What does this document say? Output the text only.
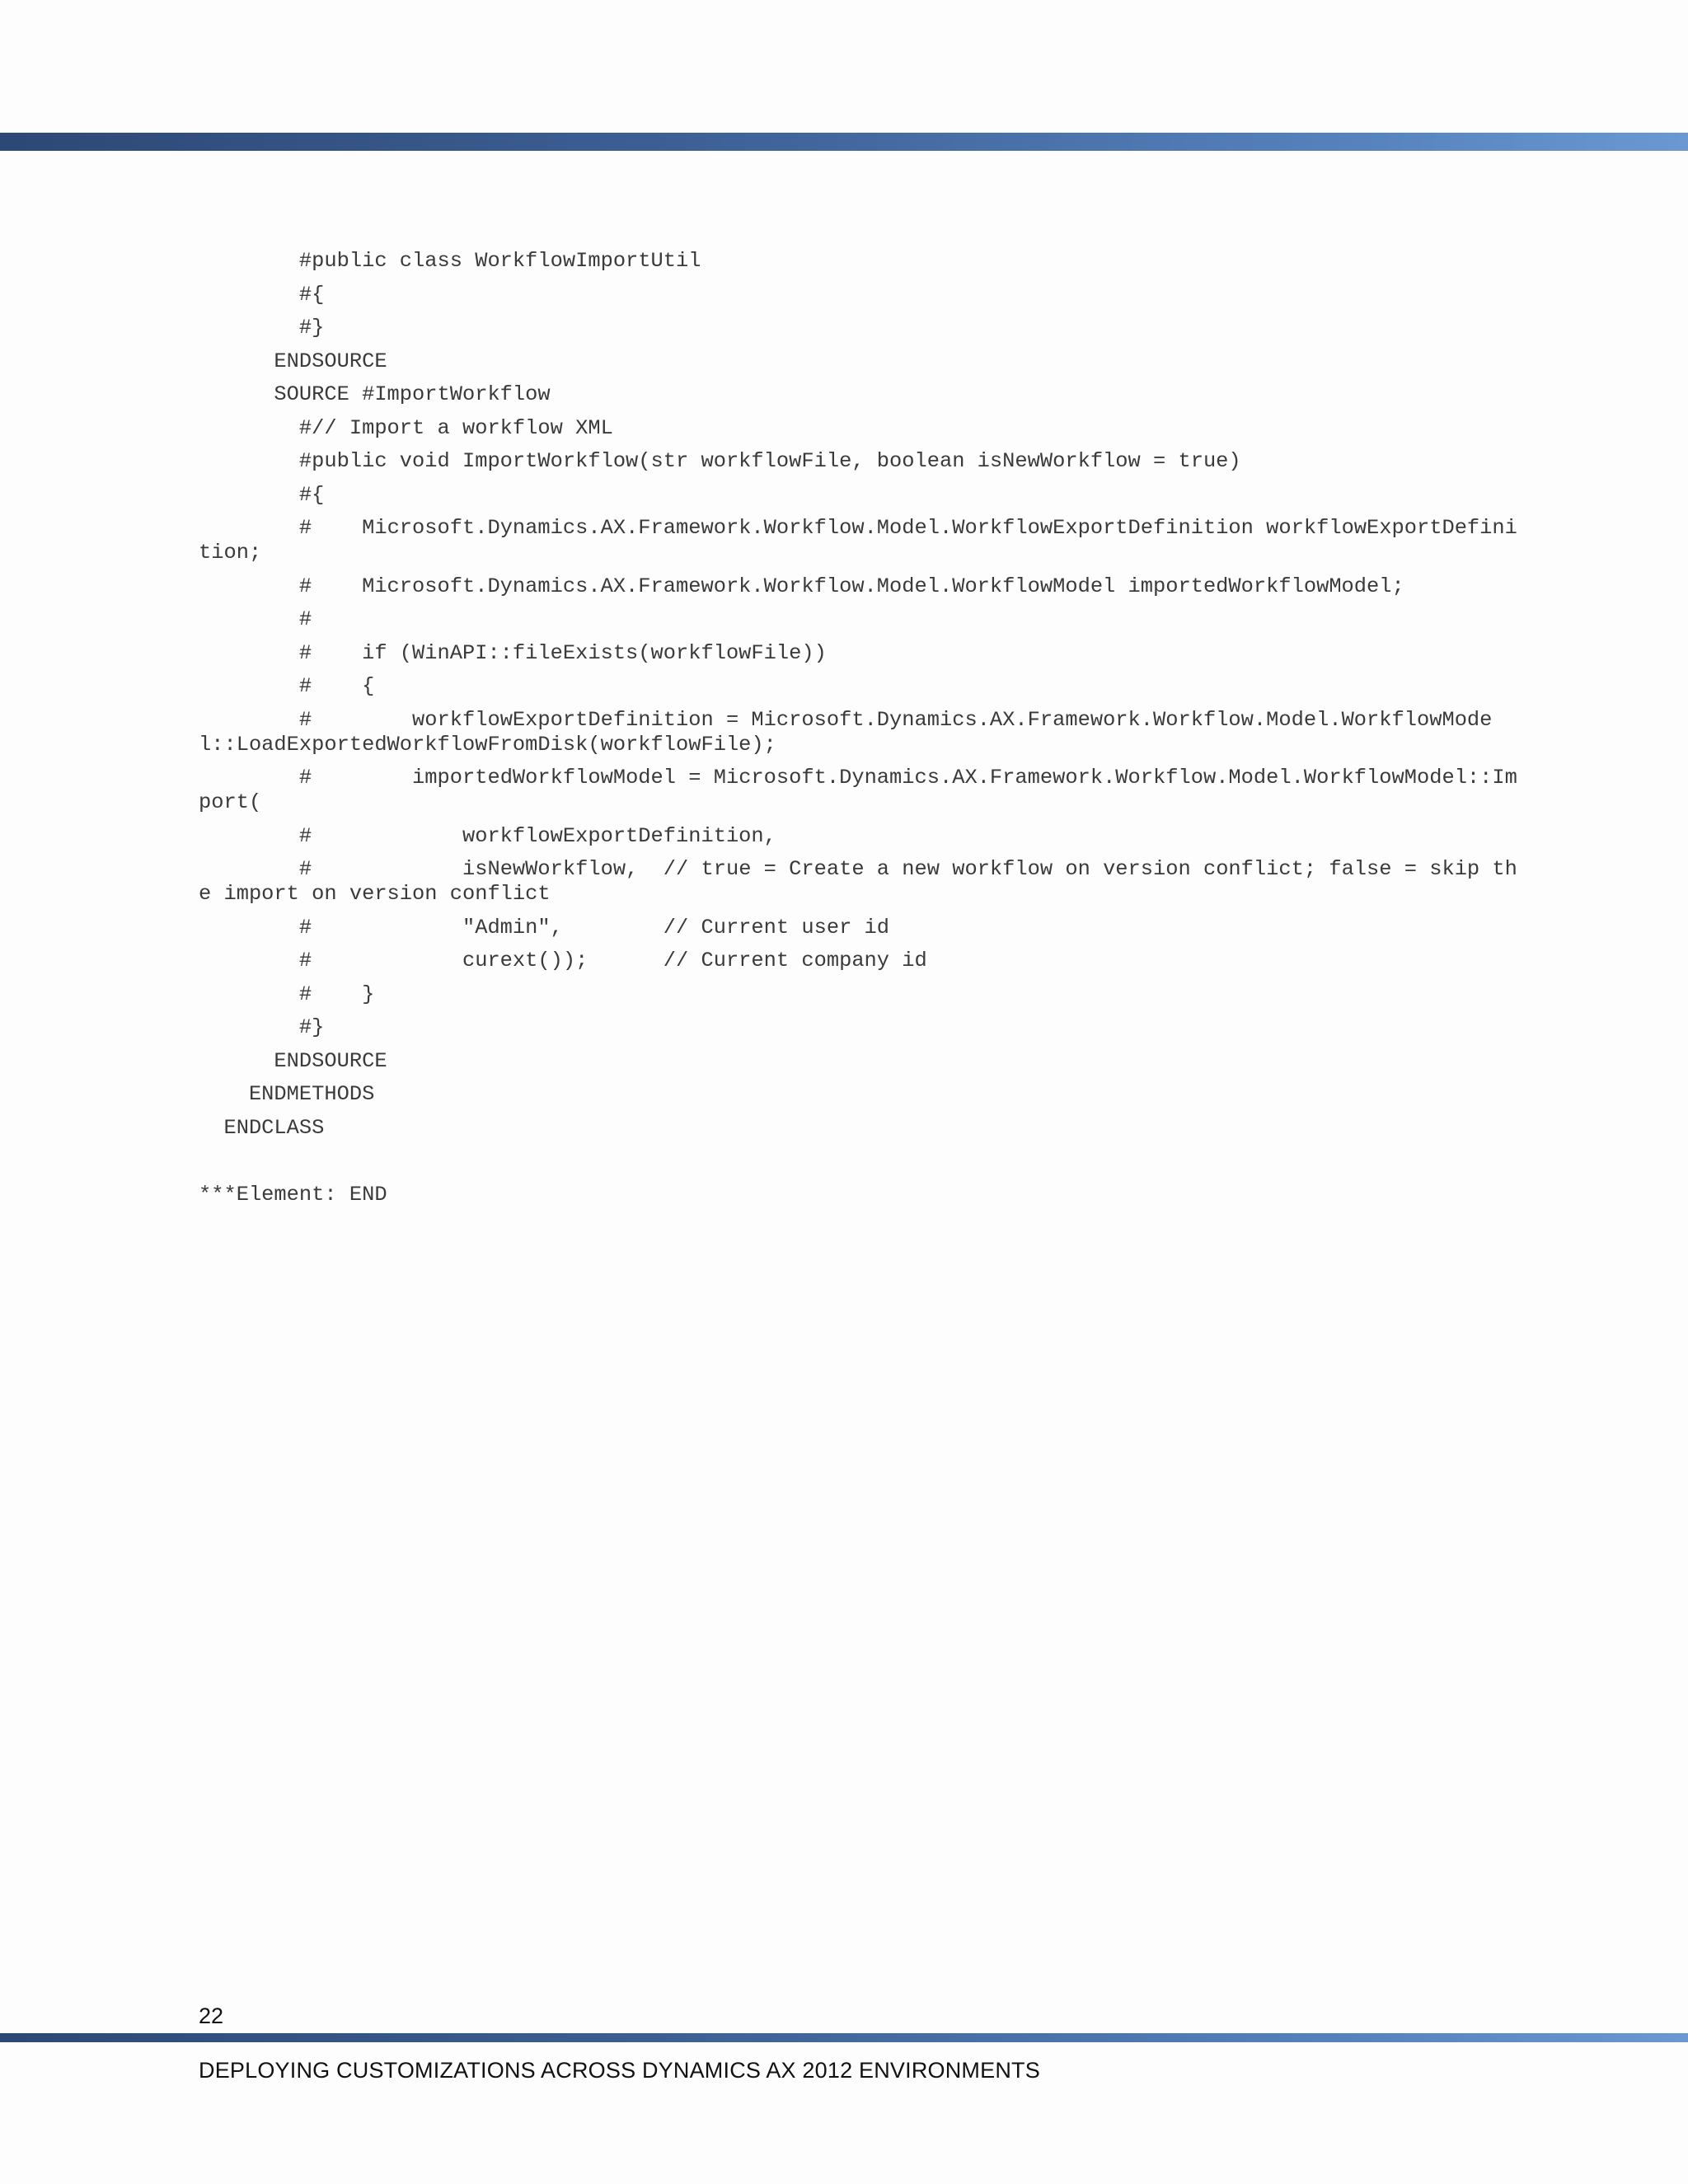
#public class WorkflowImportUtil
#{
#}
ENDSOURCE
SOURCE #ImportWorkflow
#// Import a workflow XML
#public void ImportWorkflow(str workflowFile, boolean isNewWorkflow = true)
#{
#    Microsoft.Dynamics.AX.Framework.Workflow.Model.WorkflowExportDefinition workflowExportDefinition;
#    Microsoft.Dynamics.AX.Framework.Workflow.Model.WorkflowModel importedWorkflowModel;
#
#    if (WinAPI::fileExists(workflowFile))
#    {
#        workflowExportDefinition = Microsoft.Dynamics.AX.Framework.Workflow.Model.WorkflowModel::LoadExportedWorkflowFromDisk(workflowFile);
#        importedWorkflowModel = Microsoft.Dynamics.AX.Framework.Workflow.Model.WorkflowModel::Import(
#            workflowExportDefinition,
#            isNewWorkflow,  // true = Create a new workflow on version conflict; false = skip the import on version conflict
#            "Admin",        // Current user id
#            curext());      // Current company id
#    }
#}
ENDSOURCE
ENDMETHODS
ENDCLASS
***Element: END
22
DEPLOYING CUSTOMIZATIONS ACROSS DYNAMICS AX 2012 ENVIRONMENTS
